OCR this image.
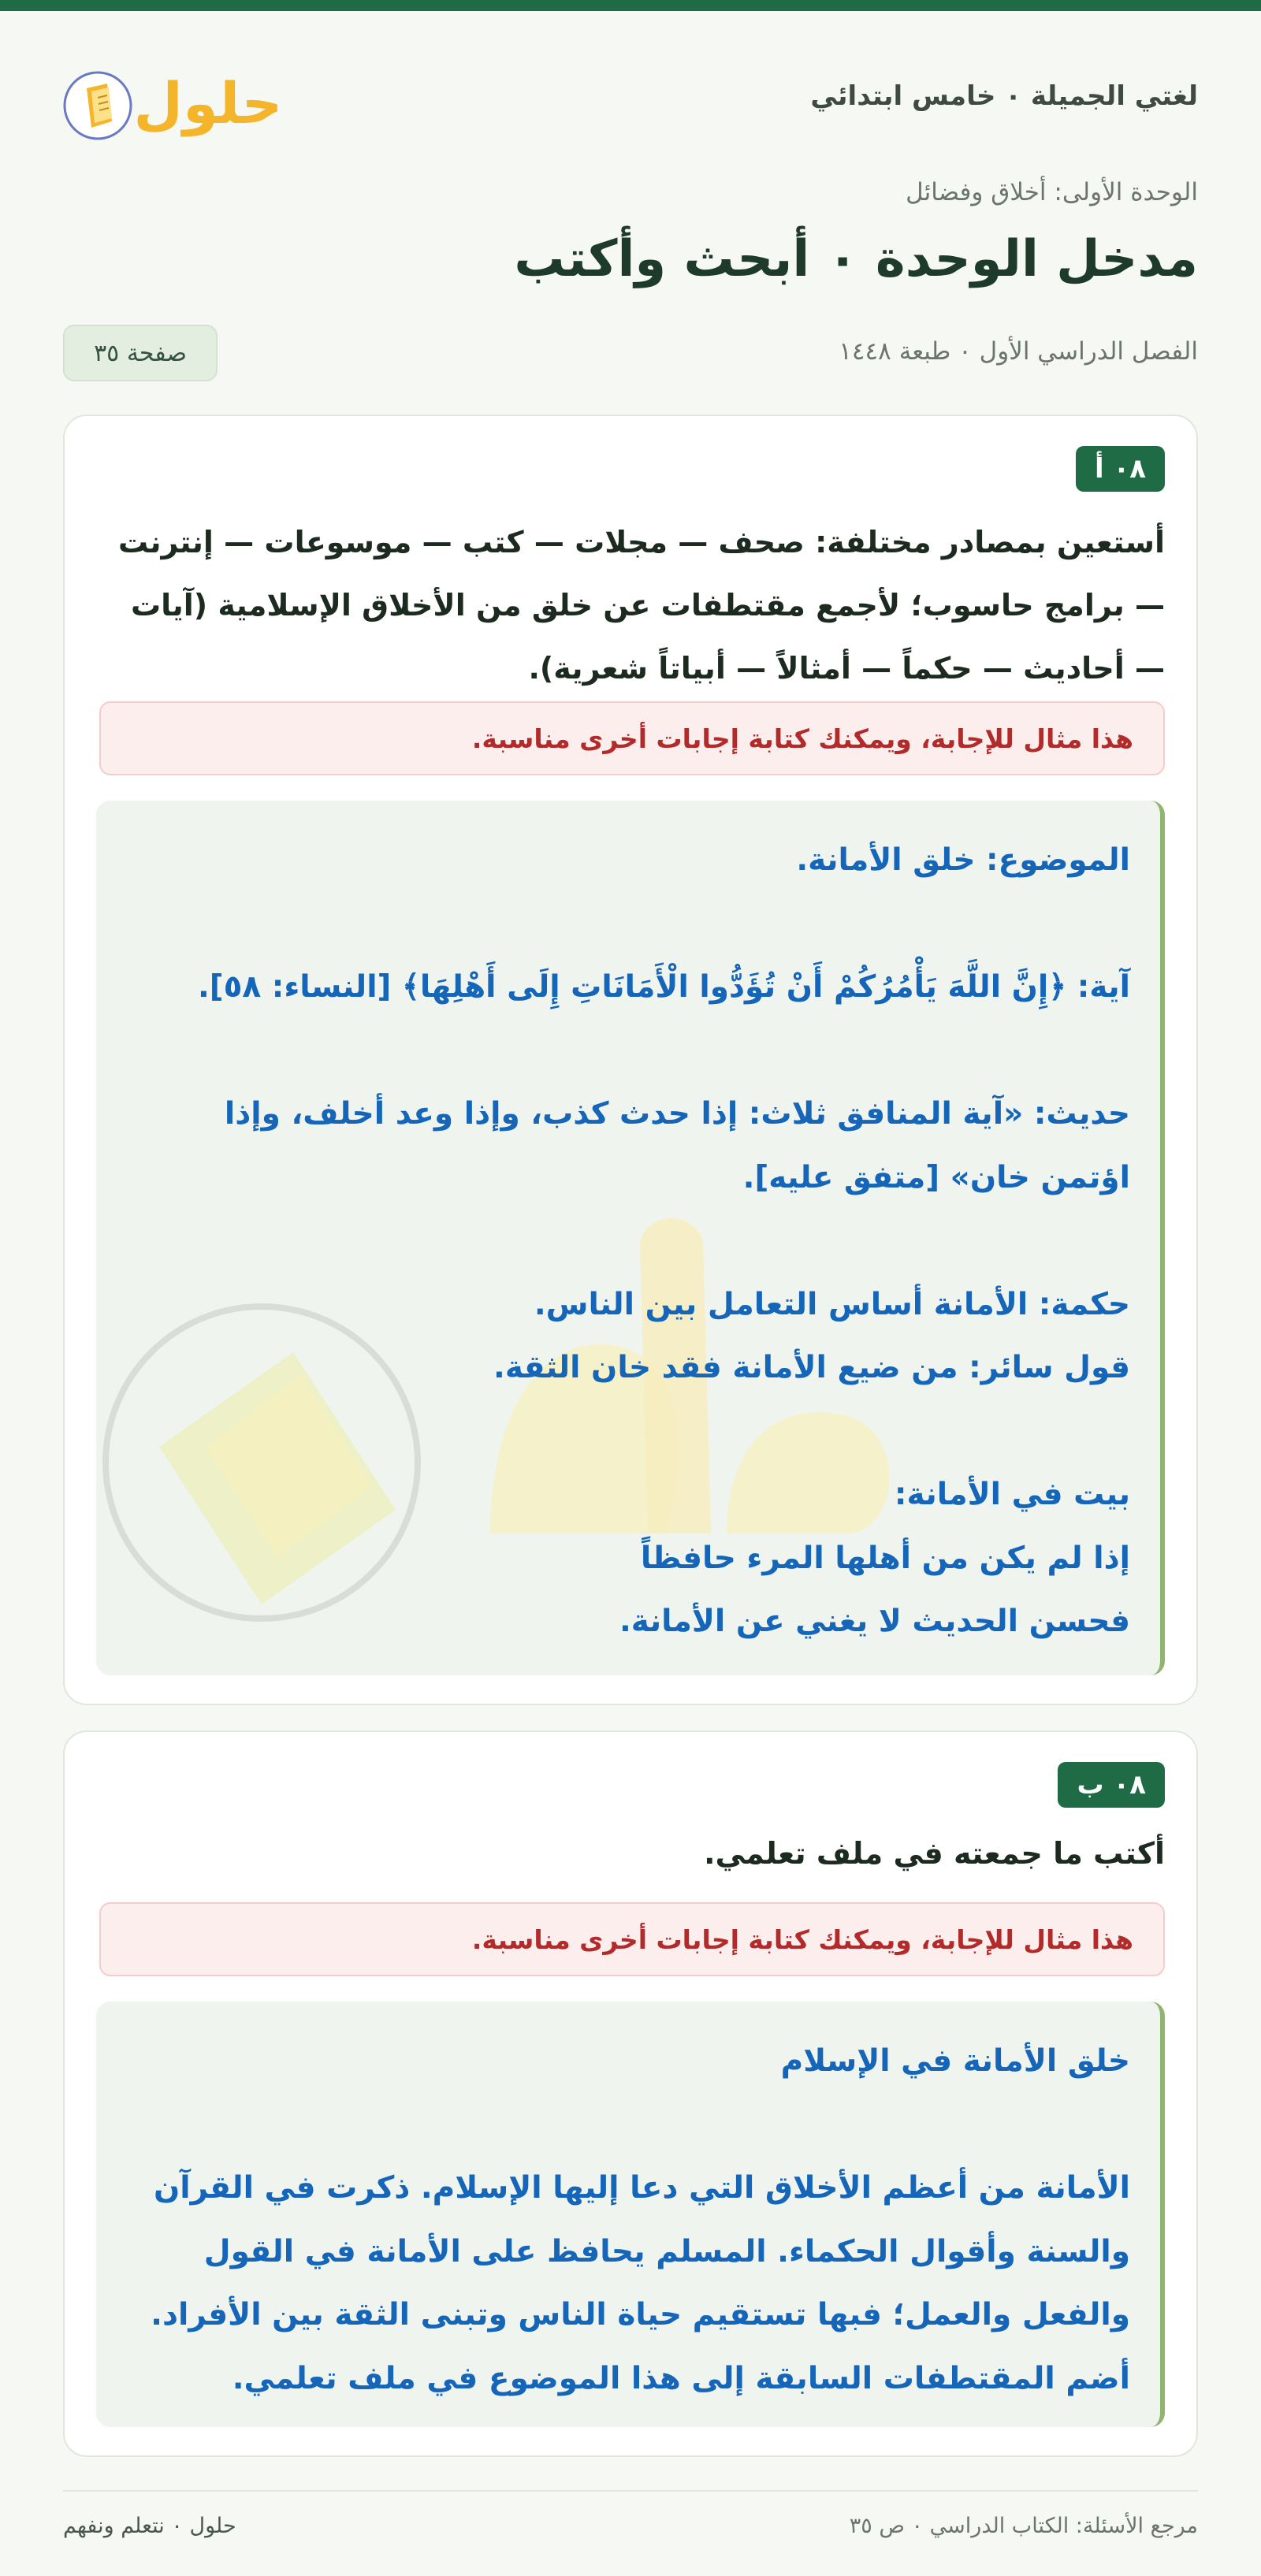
لغتي الجميلة ٠ خامس ابتدائي
حلول
الوحدة الأولى: أخلاق وفضائل
مدخل الوحدة ٠ أبحث وأكتب
الفصل الدراسي الأول ٠ طبعة ١٤٤٨
صفحة ٣٥
٠٨ أ
أستعين بمصادر مختلفة: صحف — مجلات — كتب — موسوعات — إنترنت — برامج حاسوب؛ لأجمع مقتطفات عن خلق من الأخلاق الإسلامية (آيات — أحاديث — حكماً — أمثالاً — أبياتاً شعرية).
هذا مثال للإجابة، ويمكنك كتابة إجابات أخرى مناسبة.
الموضوع: خلق الأمانة.
آية: ﴿إِنَّ اللَّهَ يَأْمُرُكُمْ أَنْ تُؤَدُّوا الْأَمَانَاتِ إِلَى أَهْلِهَا﴾ [النساء: ٥٨].
حديث: «آية المنافق ثلاث: إذا حدث كذب، وإذا وعد أخلف، وإذا اؤتمن خان» [متفق عليه].
حكمة: الأمانة أساس التعامل بين الناس.
قول سائر: من ضيع الأمانة فقد خان الثقة.
بيت في الأمانة:
إذا لم يكن من أهلها المرء حافظاً
فحسن الحديث لا يغني عن الأمانة.
٠٨ ب
أكتب ما جمعته في ملف تعلمي.
هذا مثال للإجابة، ويمكنك كتابة إجابات أخرى مناسبة.
خلق الأمانة في الإسلام
الأمانة من أعظم الأخلاق التي دعا إليها الإسلام. ذكرت في القرآن والسنة وأقوال الحكماء. المسلم يحافظ على الأمانة في القول والفعل والعمل؛ فبها تستقيم حياة الناس وتبنى الثقة بين الأفراد. أضم المقتطفات السابقة إلى هذا الموضوع في ملف تعلمي.
حلول ٠ نتعلم ونفهم	مرجع الأسئلة: الكتاب الدراسي ٠ ص ٣٥
